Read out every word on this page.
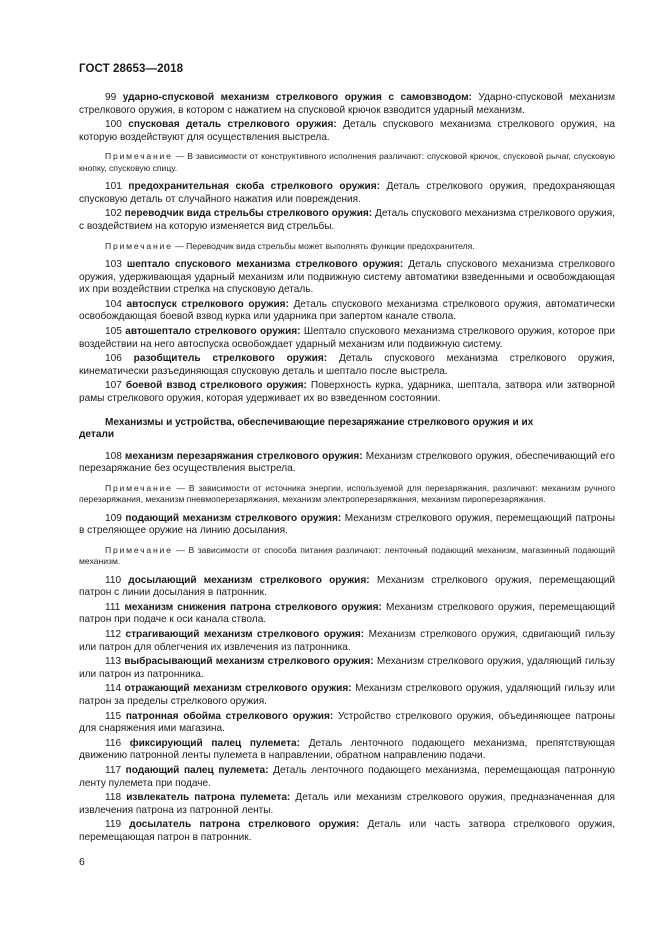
ГОСТ 28653—2018

99 ударно-спусковой механизм стрелкового оружия с самовзводом: Ударно-спусковой механизм стрелкового оружия, в котором с нажатием на спусковой крючок взводится ударный механизм.

100 спусковая деталь стрелкового оружия: Деталь спускового механизма стрелкового оружия, на которую воздействуют для осуществления выстрела.

Примечание — В зависимости от конструктивного исполнения различают: спусковой крючок, спусковой рычаг, спусковую кнопку, спусковую спицу.

101 предохранительная скоба стрелкового оружия: Деталь стрелкового оружия, предохраняющая спусковую деталь от случайного нажатия или повреждения.

102 переводчик вида стрельбы стрелкового оружия: Деталь спускового механизма стрелкового оружия, с воздействием на которую изменяется вид стрельбы.

Примечание — Переводчик вида стрельбы может выполнять функции предохранителя.

103 шептало спускового механизма стрелкового оружия: Деталь спускового механизма стрелкового оружия, удерживающая ударный механизм или подвижную систему автоматики взведенными и освобождающая их при воздействии стрелка на спусковую деталь.

104 автоспуск стрелкового оружия: Деталь спускового механизма стрелкового оружия, автоматически освобождающая боевой взвод курка или ударника при запертом канале ствола.

105 автошептало стрелкового оружия: Шептало спускового механизма стрелкового оружия, которое при воздействии на него автоспуска освобождает ударный механизм или подвижную систему.

106 разобщитель стрелкового оружия: Деталь спускового механизма стрелкового оружия, кинематически разъединяющая спусковую деталь и шептало после выстрела.

107 боевой взвод стрелкового оружия: Поверхность курка, ударника, шептала, затвора или затворной рамы стрелкового оружия, которая удерживает их во взведенном состоянии.

Механизмы и устройства, обеспечивающие перезаряжание стрелкового оружия и их детали

108 механизм перезаряжания стрелкового оружия: Механизм стрелкового оружия, обеспечивающий его перезаряжание без осуществления выстрела.

Примечание — В зависимости от источника энергии, используемой для перезаряжания, различают: механизм ручного перезаряжания, механизм пневмоперезаряжания, механизм электроперезаряжания, механизм пироперезаряжания.

109 подающий механизм стрелкового оружия: Механизм стрелкового оружия, перемещающий патроны в стреляющее оружие на линию досылания.

Примечание — В зависимости от способа питания различают: ленточный подающий механизм, магазинный подающий механизм.

110 досылающий механизм стрелкового оружия: Механизм стрелкового оружия, перемещающий патрон с линии досылания в патронник.

111 механизм снижения патрона стрелкового оружия: Механизм стрелкового оружия, перемещающий патрон при подаче к оси канала ствола.

112 страгивающий механизм стрелкового оружия: Механизм стрелкового оружия, сдвигающий гильзу или патрон для облегчения их извлечения из патронника.

113 выбрасывающий механизм стрелкового оружия: Механизм стрелкового оружия, удаляющий гильзу или патрон из патронника.

114 отражающий механизм стрелкового оружия: Механизм стрелкового оружия, удаляющий гильзу или патрон за пределы стрелкового оружия.

115 патронная обойма стрелкового оружия: Устройство стрелкового оружия, объединяющее патроны для снаряжения ими магазина.

116 фиксирующий палец пулемета: Деталь ленточного подающего механизма, препятствующая движению патронной ленты пулемета в направлении, обратном направлению подачи.

117 подающий палец пулемета: Деталь ленточного подающего механизма, перемещающая патронную ленту пулемета при подаче.

118 извлекатель патрона пулемета: Деталь или механизм стрелкового оружия, предназначенная для извлечения патрона из патронной ленты.

119 досылатель патрона стрелкового оружия: Деталь или часть затвора стрелкового оружия, перемещающая патрон в патронник.

6
